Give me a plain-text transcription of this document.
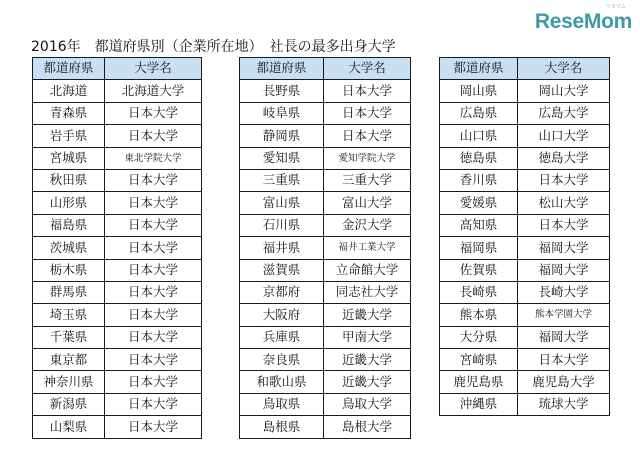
ReseMom
リセマム
2016年　都道府県別（企業所在地）　社長の最多出身大学
都道府県	大学名
北海道	北海道大学
青森県	日本大学
岩手県	日本大学
宮城県	東北学院大学
秋田県	日本大学
山形県	日本大学
福島県	日本大学
茨城県	日本大学
栃木県	日本大学
群馬県	日本大学
埼玉県	日本大学
千葉県	日本大学
東京都	日本大学
神奈川県	日本大学
新潟県	日本大学
山梨県	日本大学
都道府県	大学名
長野県	日本大学
岐阜県	日本大学
静岡県	日本大学
愛知県	愛知学院大学
三重県	三重大学
富山県	富山大学
石川県	金沢大学
福井県	福井工業大学
滋賀県	立命館大学
京都府	同志社大学
大阪府	近畿大学
兵庫県	甲南大学
奈良県	近畿大学
和歌山県	近畿大学
鳥取県	鳥取大学
島根県	島根大学
都道府県	大学名
岡山県	岡山大学
広島県	広島大学
山口県	山口大学
徳島県	徳島大学
香川県	日本大学
愛媛県	松山大学
高知県	日本大学
福岡県	福岡大学
佐賀県	福岡大学
長崎県	長崎大学
熊本県	熊本学園大学
大分県	福岡大学
宮崎県	日本大学
鹿児島県	鹿児島大学
沖縄県	琉球大学
